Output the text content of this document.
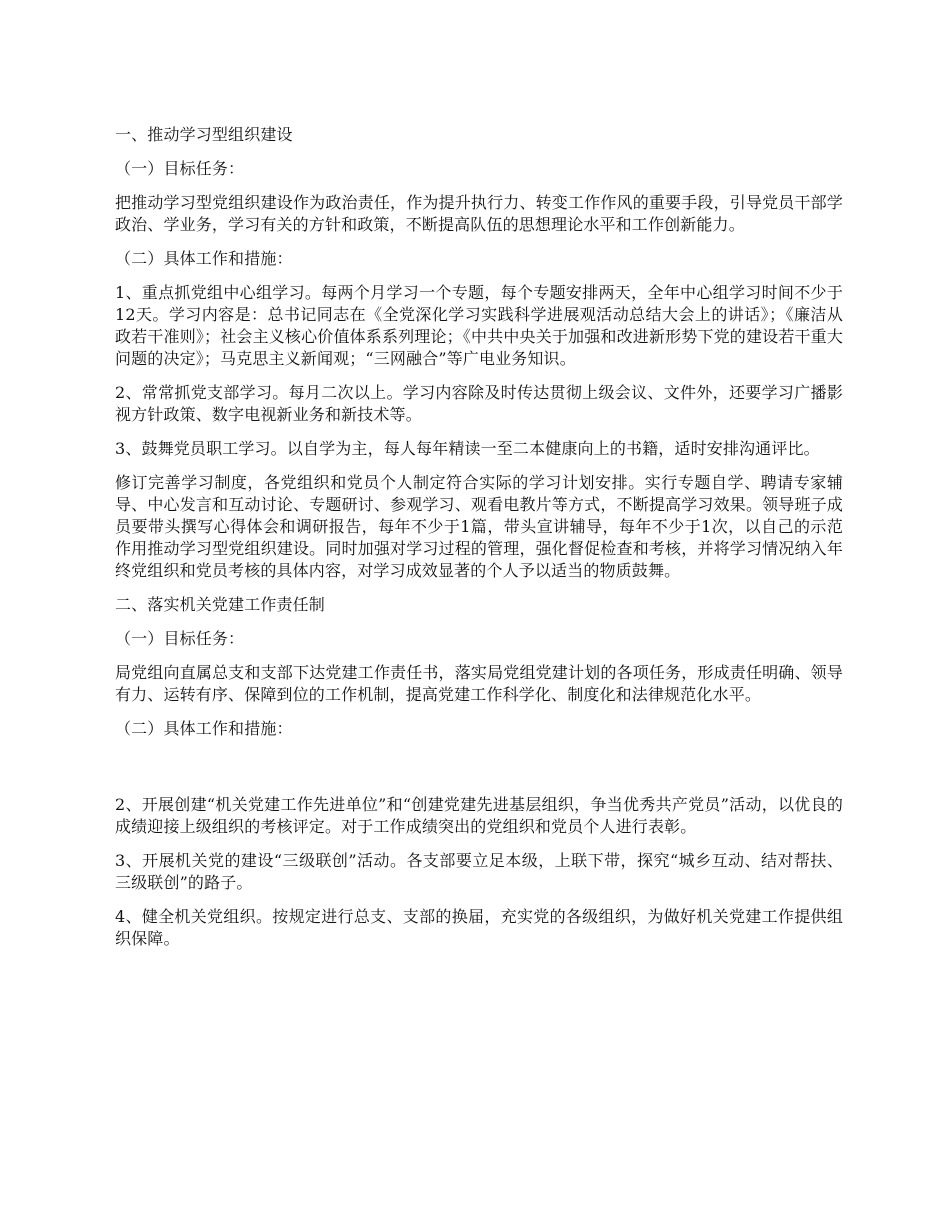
一、推动学习型组织建设

（一）目标任务：

把推动学习型党组织建设作为政治责任，作为提升执行力、转变工作作风的重要手段，引导党员干部学政治、学业务，学习有关的方针和政策，不断提高队伍的思想理论水平和工作创新能力。

（二）具体工作和措施：

1、重点抓党组中心组学习。每两个月学习一个专题，每个专题安排两天，全年中心组学习时间不少于12天。学习内容是：总书记同志在《全党深化学习实践科学进展观活动总结大会上的讲话》；《廉洁从政若干准则》；社会主义核心价值体系系列理论；《中共中央关于加强和改进新形势下党的建设若干重大问题的决定》；马克思主义新闻观；“三网融合”等广电业务知识。

2、常常抓党支部学习。每月二次以上。学习内容除及时传达贯彻上级会议、文件外，还要学习广播影视方针政策、数字电视新业务和新技术等。

3、鼓舞党员职工学习。以自学为主，每人每年精读一至二本健康向上的书籍，适时安排沟通评比。

修订完善学习制度，各党组织和党员个人制定符合实际的学习计划安排。实行专题自学、聘请专家辅导、中心发言和互动讨论、专题研讨、参观学习、观看电教片等方式，不断提高学习效果。领导班子成员要带头撰写心得体会和调研报告，每年不少于1篇，带头宣讲辅导，每年不少于1次，以自己的示范作用推动学习型党组织建设。同时加强对学习过程的管理，强化督促检查和考核，并将学习情况纳入年终党组织和党员考核的具体内容，对学习成效显著的个人予以适当的物质鼓舞。

二、落实机关党建工作责任制

（一）目标任务：

局党组向直属总支和支部下达党建工作责任书，落实局党组党建计划的各项任务，形成责任明确、领导有力、运转有序、保障到位的工作机制，提高党建工作科学化、制度化和法律规范化水平。

（二）具体工作和措施：

2、开展创建“机关党建工作先进单位”和“创建党建先进基层组织，争当优秀共产党员”活动，以优良的成绩迎接上级组织的考核评定。对于工作成绩突出的党组织和党员个人进行表彰。

3、开展机关党的建设“三级联创”活动。各支部要立足本级，上联下带，探究“城乡互动、结对帮扶、三级联创”的路子。

4、健全机关党组织。按规定进行总支、支部的换届，充实党的各级组织，为做好机关党建工作提供组织保障。
